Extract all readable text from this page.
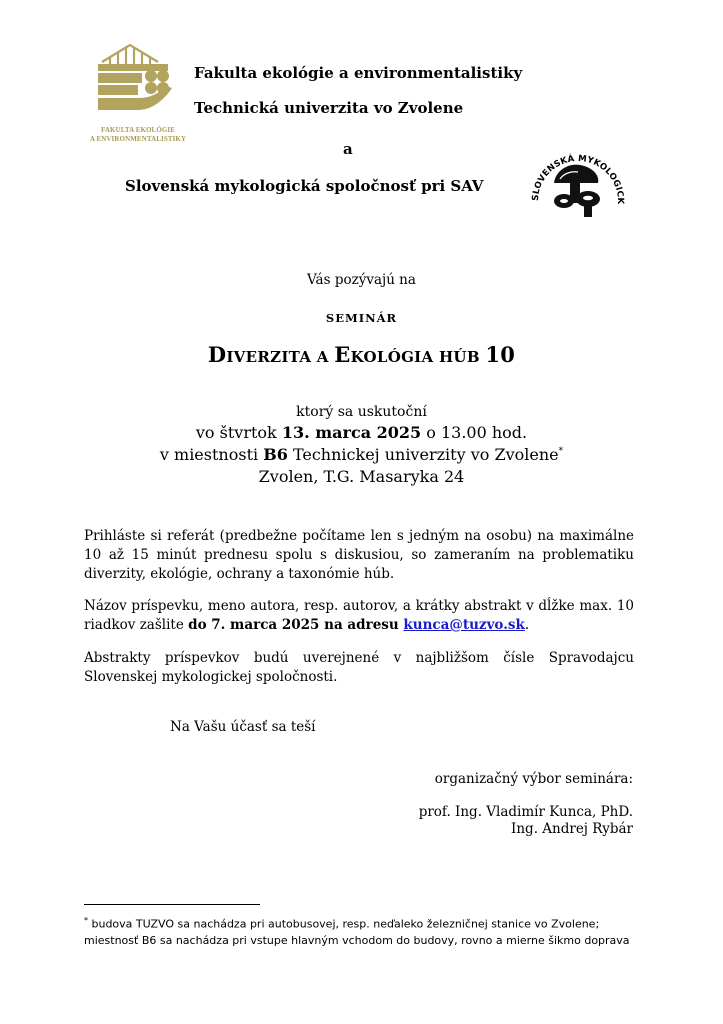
FAKULTA EKOLÓGIE
A ENVIRONMENTALISTIKY
Fakulta ekológie a environmentalistiky
Technická univerzita vo Zvolene
a
Slovenská mykologická spoločnosť pri SAV
SLOVENSKÁ MYKOLOGICK
Vás pozývajú na
SEMINÁR
DIVERZITA A EKOLÓGIA HÚB 10
ktorý sa uskutoční
vo štvrtok 13. marca 2025 o 13.00 hod.
v miestnosti B6 Technickej univerzity vo Zvolene*
Zvolen, T.G. Masaryka 24
Prihláste si referát (predbežne počítame len s jedným na osobu) na maximálne 10 až 15 minút prednesu spolu s diskusiou, so zameraním na problematiku diverzity, ekológie, ochrany a taxonómie húb.
Názov príspevku, meno autora, resp. autorov, a krátky abstrakt v dĺžke max. 10 riadkov zašlite do 7. marca 2025 na adresu kunca@tuzvo.sk.
Abstrakty príspevkov budú uverejnené v najbližšom čísle Spravodajcu Slovenskej mykologickej spoločnosti.
Na Vašu účasť sa teší
organizačný výbor seminára:
prof. Ing. Vladimír Kunca, PhD.
Ing. Andrej Rybár
* budova TUZVO sa nachádza pri autobusovej, resp. neďaleko železničnej stanice vo Zvolene; miestnosť B6 sa nachádza pri vstupe hlavným vchodom do budovy, rovno a mierne šikmo doprava
